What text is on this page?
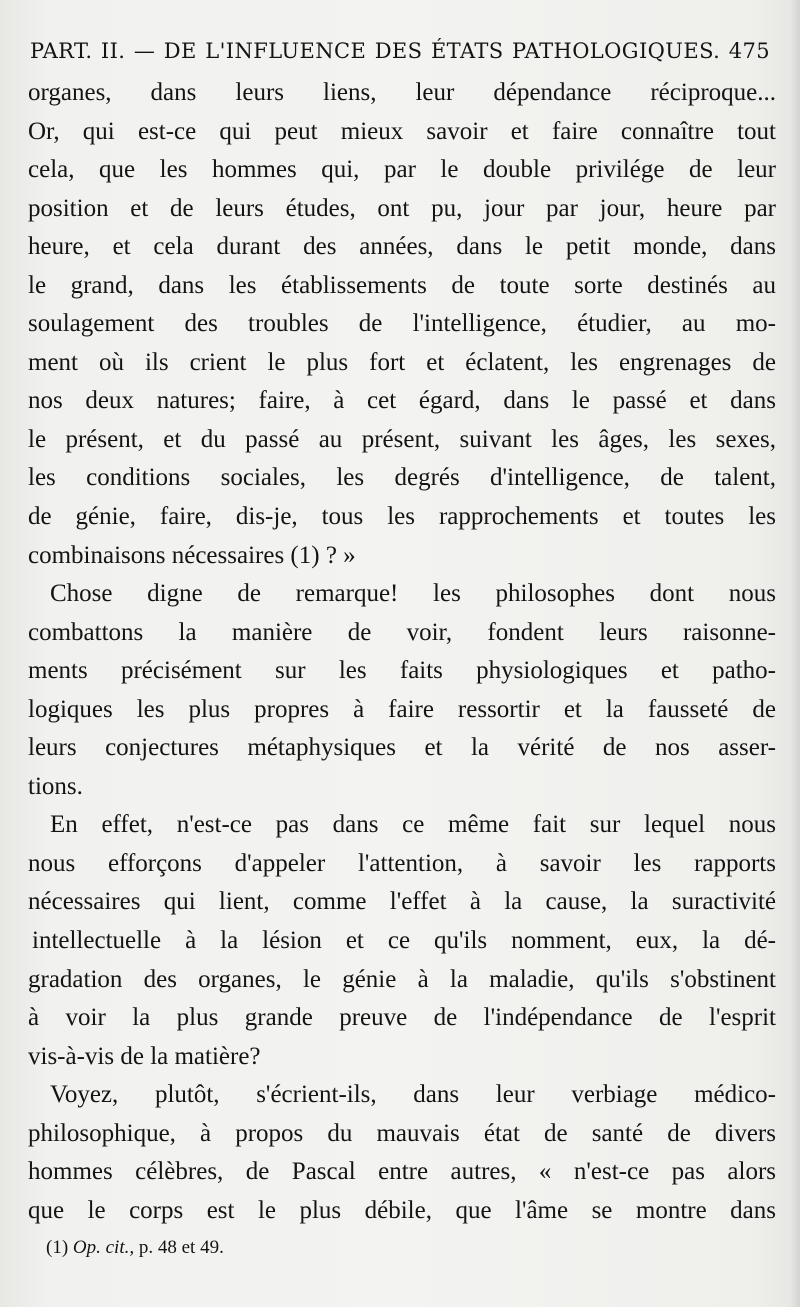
PART. II. — DE L'INFLUENCE DES ÉTATS PATHOLOGIQUES. 475
organes, dans leurs liens, leur dépendance réciproque...
Or, qui est-ce qui peut mieux savoir et faire connaître tout
cela, que les hommes qui, par le double privilége de leur
position et de leurs études, ont pu, jour par jour, heure par
heure, et cela durant des années, dans le petit monde, dans
le grand, dans les établissements de toute sorte destinés au
soulagement des troubles de l'intelligence, étudier, au mo-
ment où ils crient le plus fort et éclatent, les engrenages de
nos deux natures; faire, à cet égard, dans le passé et dans
le présent, et du passé au présent, suivant les âges, les sexes,
les conditions sociales, les degrés d'intelligence, de talent,
de génie, faire, dis-je, tous les rapprochements et toutes les
combinaisons nécessaires (1) ? »
Chose digne de remarque! les philosophes dont nous
combattons la manière de voir, fondent leurs raisonne-
ments précisément sur les faits physiologiques et patho-
logiques les plus propres à faire ressortir et la fausseté de
leurs conjectures métaphysiques et la vérité de nos asser-
tions.
En effet, n'est-ce pas dans ce même fait sur lequel nous
nous efforçons d'appeler l'attention, à savoir les rapports
nécessaires qui lient, comme l'effet à la cause, la suractivité
intellectuelle à la lésion et ce qu'ils nomment, eux, la dé-
gradation des organes, le génie à la maladie, qu'ils s'obstinent
à voir la plus grande preuve de l'indépendance de l'esprit
vis-à-vis de la matière?
Voyez, plutôt, s'écrient-ils, dans leur verbiage médico-
philosophique, à propos du mauvais état de santé de divers
hommes célèbres, de Pascal entre autres, « n'est-ce pas alors
que le corps est le plus débile, que l'âme se montre dans
(1) Op. cit., p. 48 et 49.
